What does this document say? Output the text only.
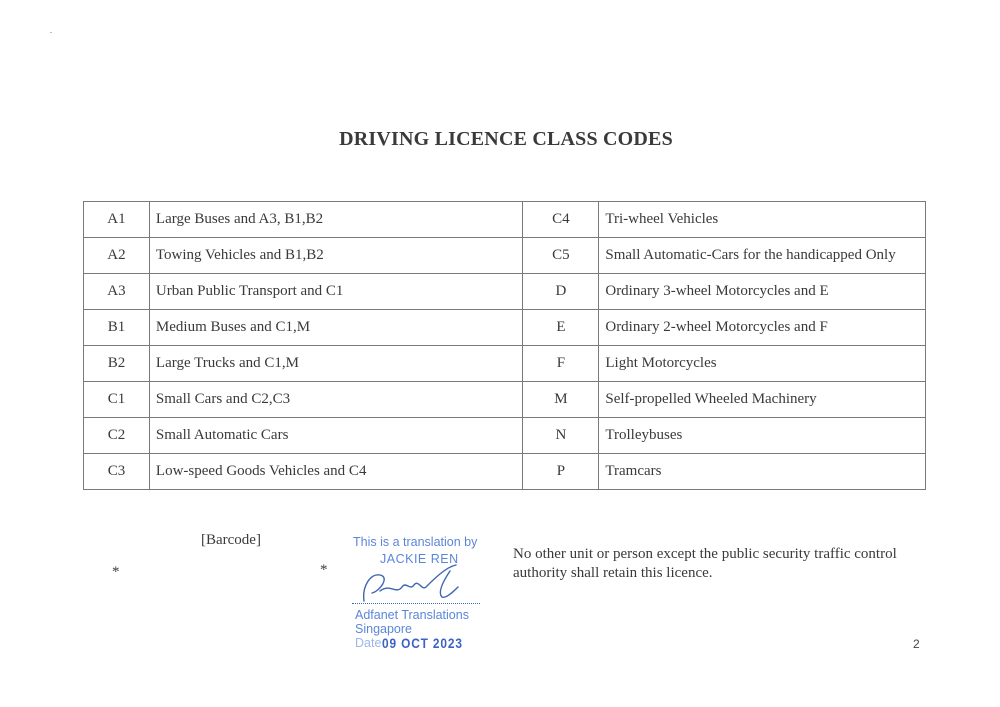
DRIVING LICENCE CLASS CODES
A1	Large Buses and A3, B1,B2	C4	Tri-wheel Vehicles
A2	Towing Vehicles and B1,B2	C5	Small Automatic-Cars for the handicapped Only
A3	Urban Public Transport and C1	D	Ordinary 3-wheel Motorcycles and E
B1	Medium Buses and C1,M	E	Ordinary 2-wheel Motorcycles and F
B2	Large Trucks and C1,M	F	Light Motorcycles
C1	Small Cars and C2,C3	M	Self-propelled Wheeled Machinery
C2	Small Automatic Cars	N	Trolleybuses
C3	Low-speed Goods Vehicles and C4	P	Tramcars
[Barcode]
*	*
This is a translation by
JACKIE REN
Adfanet Translations
Singapore
Date 09 OCT 2023
No other unit or person except the public security traffic control authority shall retain this licence.
2
